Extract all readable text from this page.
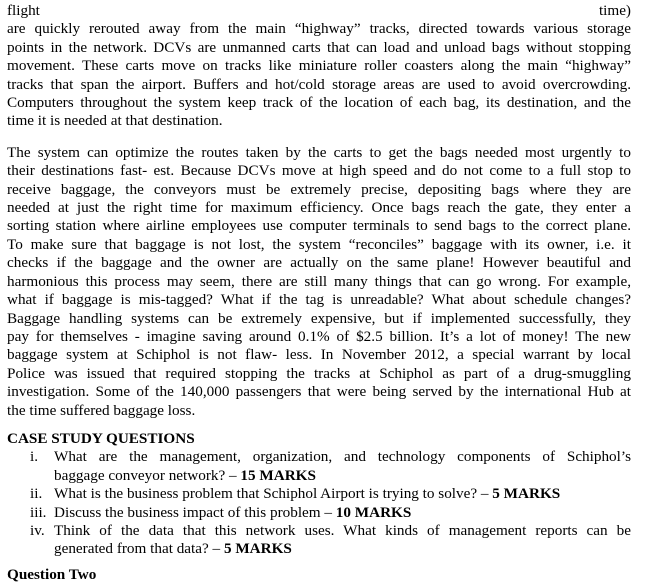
flight	time)

are quickly rerouted away from the main “highway” tracks, directed towards various storage
points in the network. DCVs are unmanned carts that can load and unload bags without stopping
movement. These carts move on tracks like miniature roller coasters along the main “highway”
tracks that span the airport. Buffers and hot/cold storage areas are used to avoid overcrowding.
Computers throughout the system keep track of the location of each bag, its destination, and the
time it is needed at that destination.

The system can optimize the routes taken by the carts to get the bags needed most urgently to
their destinations fast- est. Because DCVs move at high speed and do not come to a full stop to
receive baggage, the conveyors must be extremely precise, depositing bags where they are
needed at just the right time for maximum efficiency. Once bags reach the gate, they enter a
sorting station where airline employees use computer terminals to send bags to the correct plane.
To make sure that baggage is not lost, the system “reconciles” baggage with its owner, i.e. it
checks if the baggage and the owner are actually on the same plane! However beautiful and
harmonious this process may seem, there are still many things that can go wrong. For example,
what if baggage is mis-tagged? What if the tag is unreadable? What about schedule changes?
Baggage handling systems can be extremely expensive, but if implemented successfully, they
pay for themselves - imagine saving around 0.1% of $2.5 billion. It’s a lot of money! The new
baggage system at Schiphol is not flaw- less. In November 2012, a special warrant by local
Police was issued that required stopping the tracks at Schiphol as part of a drug-smuggling
investigation. Some of the 140,000 passengers that were being served by the international Hub at
the time suffered baggage loss.

CASE STUDY QUESTIONS
i.	What are the management, organization, and technology components of Schiphol’s
baggage conveyor network? – 15 MARKS
ii. What is the business problem that Schiphol Airport is trying to solve? – 5 MARKS
iii. Discuss the business impact of this problem – 10 MARKS
iv. Think of the data that this network uses. What kinds of management reports can be
generated from that data? – 5 MARKS
Question Two
